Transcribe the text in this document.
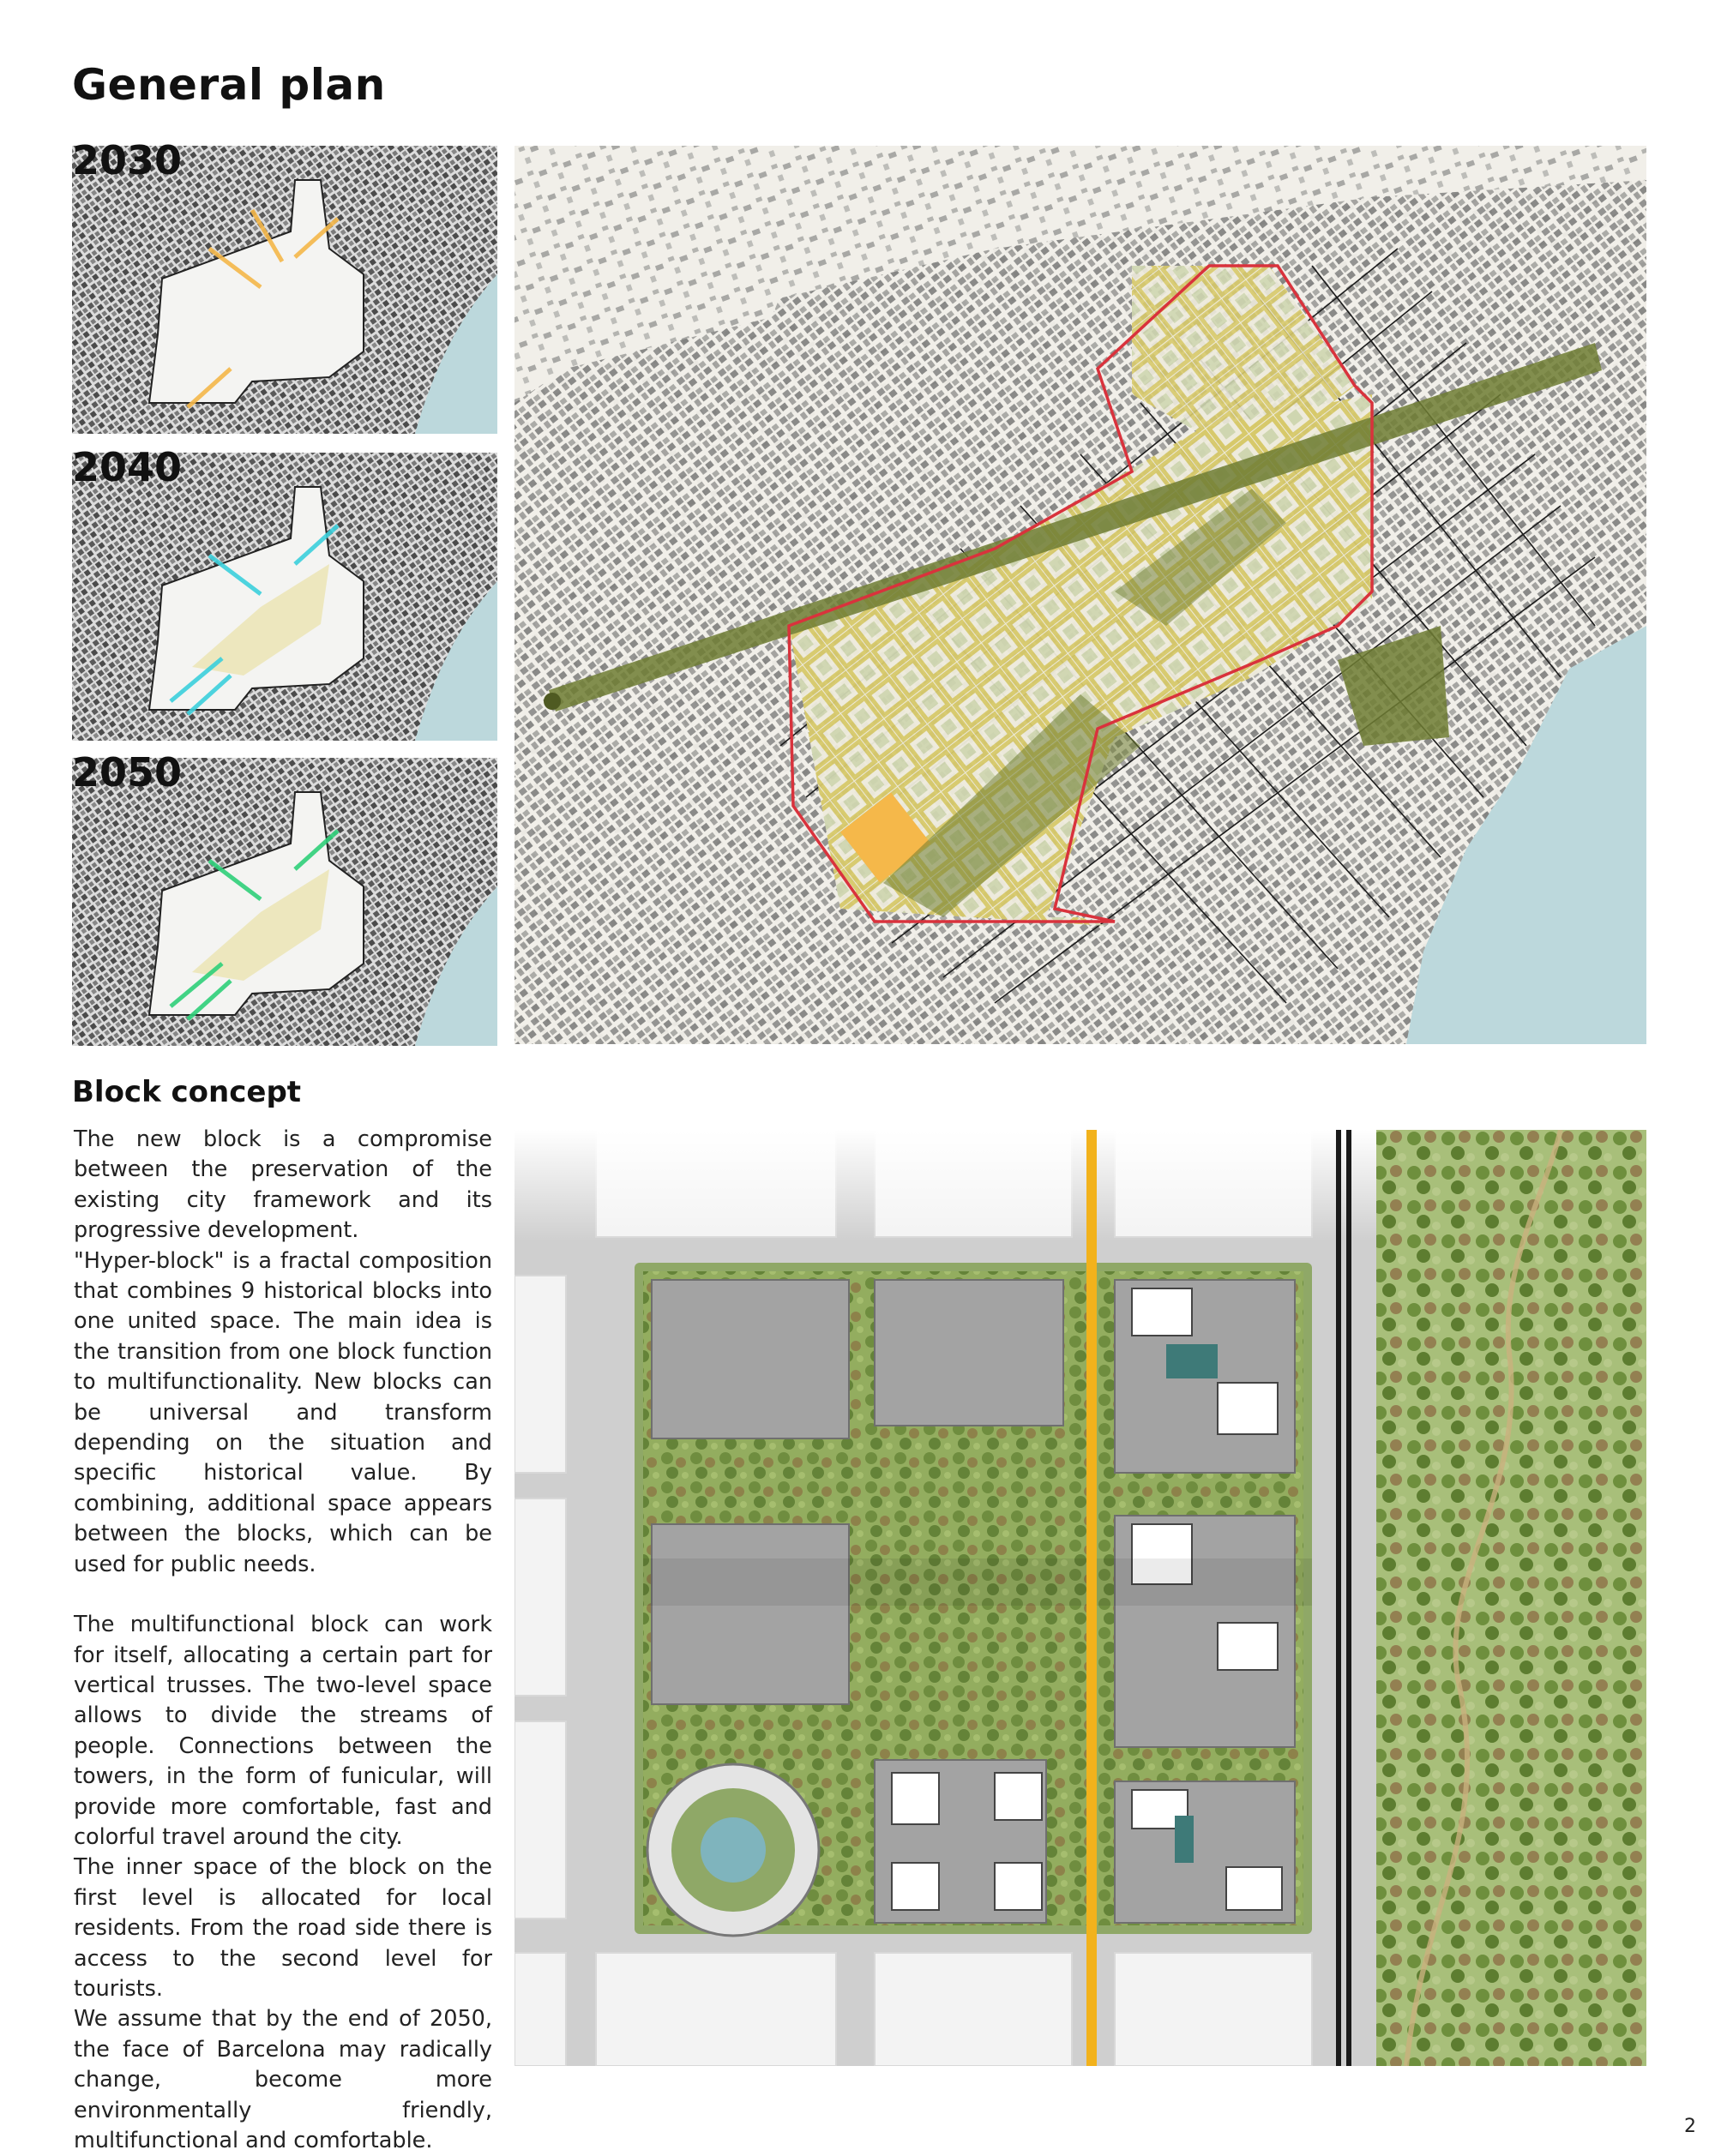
General plan
2030
2040
2050
Block concept

The new block is a compromise between the preservation of the existing city framework and its progressive development.

"Hyper-block" is a fractal composition that combines 9 historical blocks into one united space. The main idea is the transition from one block function to multifunctionality. New blocks can be universal and transform depending on the situation and specific historical value. By combining, additional space appears between the blocks, which can be used for public needs.

The multifunctional block can work for itself, allocating a certain part for vertical trusses. The two-level space allows to divide the streams of people. Connections between the towers, in the form of funicular, will provide more comfortable, fast and colorful travel around the city.

The inner space of the block on the first level is allocated for local residents. From the road side there is access to the second level for tourists.

We assume that by the end of 2050, the face of Barcelona may radically change, become more environmentally friendly, multifunctional and comfortable.

2
